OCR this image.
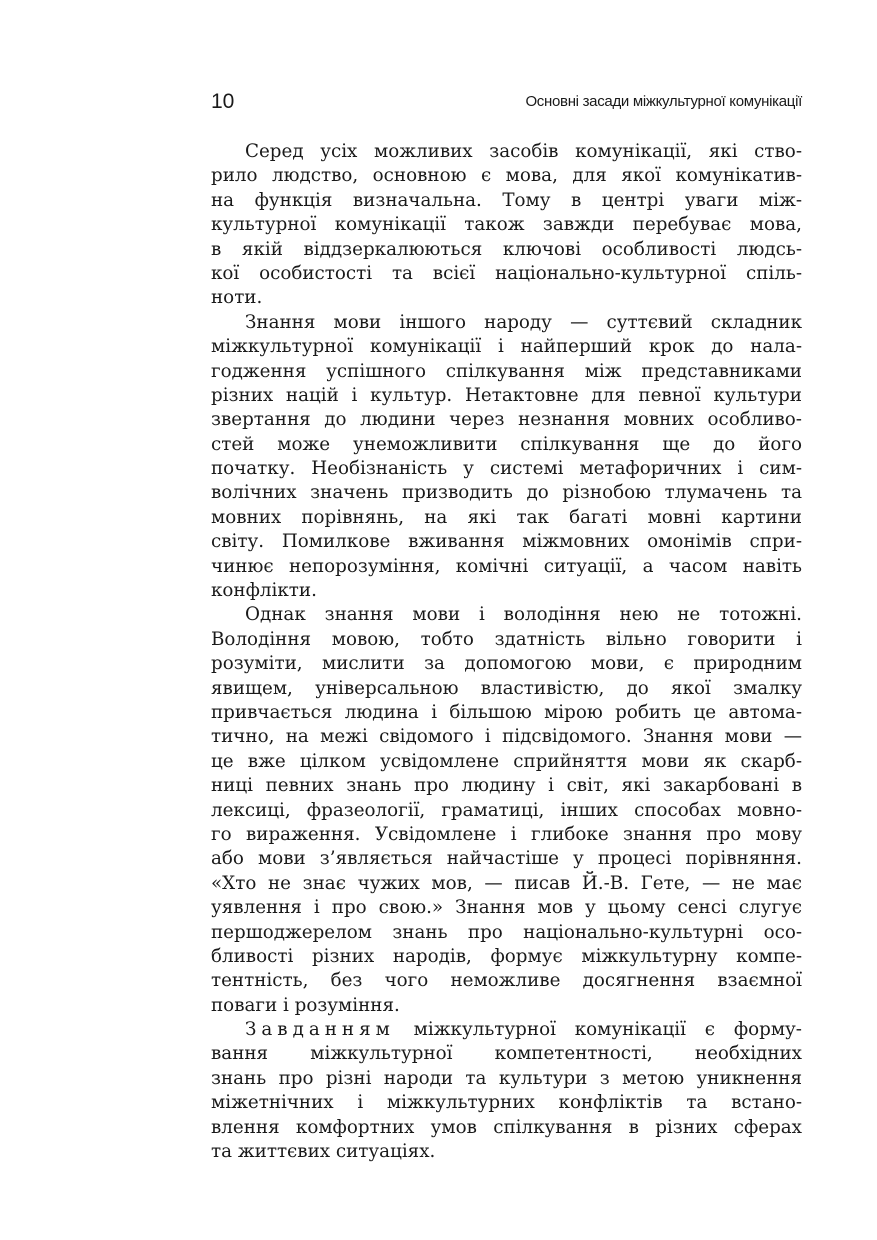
10	Основні засади міжкультурної комунікації
Серед усіх можливих засобів комунікації, які ство-
рило людство, основною є мова, для якої комунікатив-
на функція визначальна. Тому в центрі уваги між-
культурної комунікації також завжди перебуває мова,
в якій віддзеркалюються ключові особливості людсь-
кої особистості та всієї національно-культурної спіль-
ноти.
Знання мови іншого народу — суттєвий складник
міжкультурної комунікації і найперший крок до нала-
годження успішного спілкування між представниками
різних націй і культур. Нетактовне для певної культури
звертання до людини через незнання мовних особливо-
стей може унеможливити спілкування ще до його
початку. Необізнаність у системі метафоричних і сим-
волічних значень призводить до різнобою тлумачень та
мовних порівнянь, на які так багаті мовні картини
світу. Помилкове вживання міжмовних омонімів спри-
чинює непорозуміння, комічні ситуації, а часом навіть
конфлікти.
Однак знання мови і володіння нею не тотожні.
Володіння мовою, тобто здатність вільно говорити і
розуміти, мислити за допомогою мови, є природним
явищем, універсальною властивістю, до якої змалку
привчається людина і більшою мірою робить це автома-
тично, на межі свідомого і підсвідомого. Знання мови —
це вже цілком усвідомлене сприйняття мови як скарб-
ниці певних знань про людину і світ, які закарбовані в
лексиці, фразеології, граматиці, інших способах мовно-
го вираження. Усвідомлене і глибоке знання про мову
або мови з’являється найчастіше у процесі порівняння.
«Хто не знає чужих мов, — писав Й.-В. Гете, — не має
уявлення і про свою.» Знання мов у цьому сенсі слугує
першоджерелом знань про національно-культурні осо-
бливості різних народів, формує міжкультурну компе-
тентність, без чого неможливе досягнення взаємної
поваги і розуміння.
Завданням міжкультурної комунікації є форму-
вання міжкультурної компетентності, необхідних
знань про різні народи та культури з метою уникнення
міжетнічних і міжкультурних конфліктів та встано-
влення комфортних умов спілкування в різних сферах
та життєвих ситуаціях.
